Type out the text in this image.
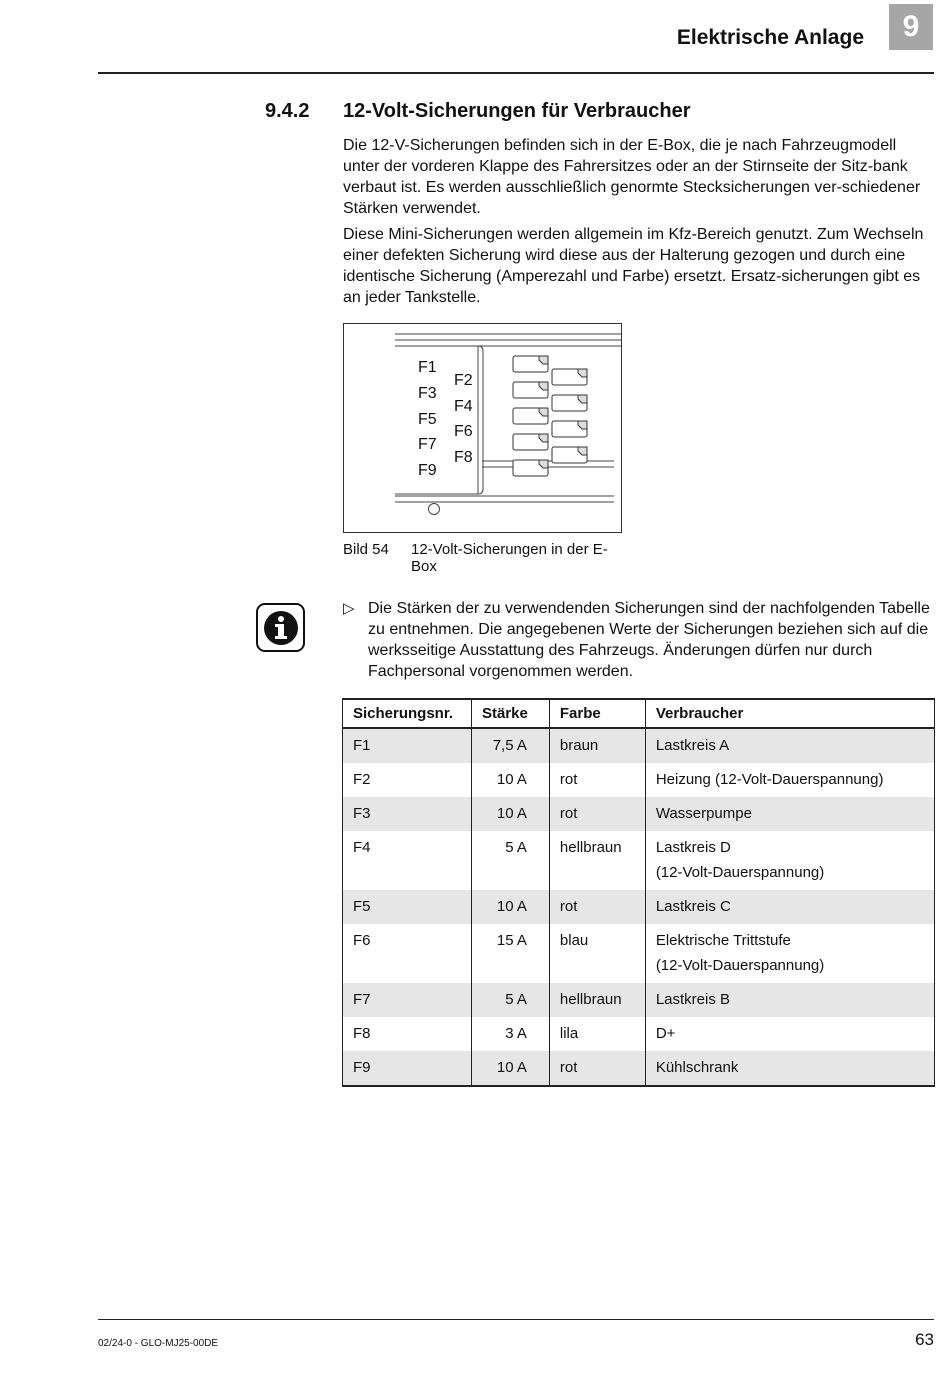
Elektrische Anlage	9
9.4.2 12-Volt-Sicherungen für Verbraucher

Die 12-V-Sicherungen befinden sich in der E-Box, die je nach Fahrzeugmodell unter der vorderen Klappe des Fahrersitzes oder an der Stirnseite der Sitz-bank verbaut ist. Es werden ausschließlich genormte Stecksicherungen ver-schiedener Stärken verwendet.

Diese Mini-Sicherungen werden allgemein im Kfz-Bereich genutzt. Zum Wechseln einer defekten Sicherung wird diese aus der Halterung gezogen und durch eine identische Sicherung (Amperezahl und Farbe) ersetzt. Ersatz-sicherungen gibt es an jeder Tankstelle.

F1
F3
F5
F7
F9
F2
F4
F6
F8
Bild 54 12-Volt-Sicherungen in der E-Box
▷ Die Stärken der zu verwendenden Sicherungen sind der nachfolgenden Tabelle zu entnehmen. Die angegebenen Werte der Sicherungen beziehen sich auf die werksseitige Ausstattung des Fahrzeugs. Änderungen dürfen nur durch Fachpersonal vorgenommen werden.
Sicherungsnr.	Stärke	Farbe	Verbraucher
F1	7,5 A	braun	Lastkreis A
F2	10 A	rot	Heizung (12-Volt-Dauerspannung)
F3	10 A	rot	Wasserpumpe
F4	5 A	hellbraun	Lastkreis D
(12-Volt-Dauerspannung)
F5	10 A	rot	Lastkreis C
F6	15 A	blau	Elektrische Trittstufe
(12-Volt-Dauerspannung)
F7	5 A	hellbraun	Lastkreis B
F8	3 A	lila	D+
F9	10 A	rot	Kühlschrank
02/24-0 - GLO-MJ25-00DE	63
